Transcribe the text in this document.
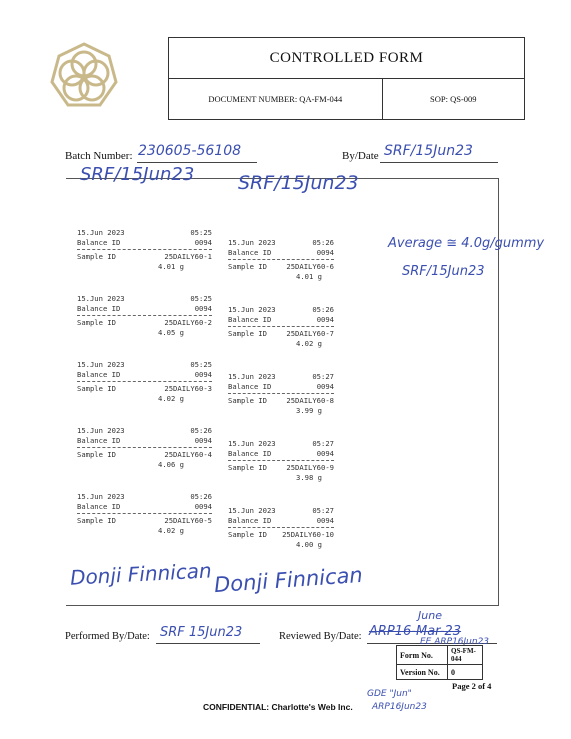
CONTROLLED FORM
DOCUMENT NUMBER: QA-FM-044	SOP: QS-009
Batch Number: 230605-56108	By/Date SRF/15Jun23
SRF/15Jun23 SRF/15Jun23
Average ≅ 4.0g/gummy
SRF/15Jun23
15.Jun 2023	05:25
Balance ID	0094
Sample ID	25DAILY60-1
4.01 g
15.Jun 2023	05:25
Balance ID	0094
Sample ID	25DAILY60-2
4.05 g
15.Jun 2023	05:25
Balance ID	0094
Sample ID	25DAILY60-3
4.02 g
15.Jun 2023	05:26
Balance ID	0094
Sample ID	25DAILY60-4
4.06 g
15.Jun 2023	05:26
Balance ID	0094
Sample ID	25DAILY60-5
4.02 g
15.Jun 2023	05:26
Balance ID	0094
Sample ID	25DAILY60-6
4.01 g
15.Jun 2023	05:26
Balance ID	0094
Sample ID	25DAILY60-7
4.02 g
15.Jun 2023	05:27
Balance ID	0094
Sample ID	25DAILY60-8
3.99 g
15.Jun 2023	05:27
Balance ID	0094
Sample ID	25DAILY60-9
3.98 g
15.Jun 2023	05:27
Balance ID	0094
Sample ID 25DAILY60-10
4.00 g
Donji Finnican Donji Finnican
Performed By/Date: SRF 15Jun23	Reviewed By/Date: ARP16-Mar-23
June
EE ARP16Jun23
Form No.	QS-FM-044
Version No.	0
Page 2 of 4
CONFIDENTIAL: Charlotte's Web Inc.
GDE "Jun"
ARP16Jun23
